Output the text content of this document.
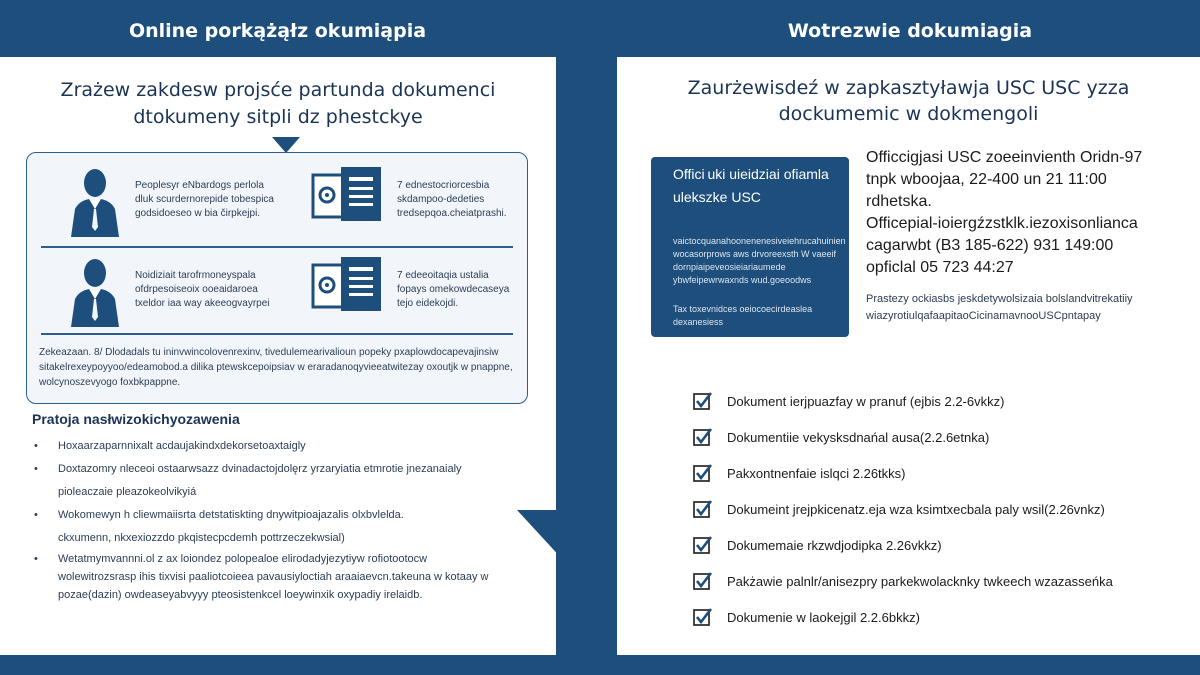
Online porkążąłz okumiąpia	Wotrezwie dokumiagia
Zrażew zakdesw projsće partunda dokumenci
dtokumeny sitpli dz phestckye
Peoplesyr eNbardogs perlola dluk scurdernorepide tobespica godsidoeseo w bia čirpkejpi.
7 ednestocriorcesbia skdampoo-dedeties tredsepqoa.cheiatprashi.
Noidiziait tarofrmoneyspala ofdrpesoiseoix ooeaidaroea txeldor iaa way akeeogvayrpei
7 edeeoitaqia ustalia fopays omekowdecaseya tejo eidekojdi.
Zekeazaan. 8/ Dlodadals tu ininvwincolovenrexinv, tivedulemearivalioun popeky pxaplowdocapevajinsiw sitakelrexeypoyyoo/edeamobod.a dilika ptewskcepoipsiav w eraradanoqyvieeatwitezay oxoutjk w pnappne, wolcynoszevyogo foxbkpappne.
Pratoja nasłwizokichyozawenia
• Hoxaarzaparnnixalt acdaujakindxdekorsetoaxtaigly
• Doxtazomry nleceoi ostaarwsazz dvinadactojdolęrz yrzaryiatia etmrotie jnezanaialy
pioleaczaie pleazokeolvikyiá
• Wokomewyn h cliewmaiisrta detstatiskting dnywitpioajazalis olxbvlelda.
ckxumenn, nkxexiozzdo pkqistecpcdemh pottrzeczekwsial)
• Wetatmymvannni.ol z ax loiondez polopealoe elirodadyjezytiyw rofiotootocw wolewitrozsrasp ihis tixvisi paaliotcoieea pavausiyloctiah araaiaevcn.takeuna w kotaay w pozae(dazin) owdeaseyabvyyy pteosistenkcel loeywinxik oxypadiy irelaidb.
Zaurżewisdeź w zapkasztyławja USC USC yzza
dockumemic w dokmengoli
Offici uki uieidziai ofiamla ulekszke USC
vaictocquanahoonenenesiveiehrucahuinien wocasorprows aws drvoreexsth W vaeeif dornpiaipeveosieiariaumede ybwfeipewrwaxnds wud.goeoodws
Tax toxevnidces oeiocoecirdeaslea dexanesiess
Officcigjasi USC zoeeinvienth Oridn-97
tnpk wboojaa, 22-400 un 21 11:00
rdhetska.
Officepial-ioiergźzstklk.iezoxisonlianca
cagarwbt (B3 185-622) 931 149:00
opficlal 05 723 44:27
Prastezy ockiasbs jeskdetywolsizaia bolslandvitrekatiiy wiazyrotiulqafaapitaoCicinamavnooUSCpntapay
Dokument ierjpuazfay w pranuf (ejbis 2.2-6vkkz)
Dokumentiie vekysksdnańal ausa(2.2.6etnka)
Pakxontnenfaie islqci 2.26tkks)
Dokumeint jrejpkicenatz.eja wza ksimtxecbala paly wsil(2.26vnkz)
Dokumemaie rkzwdjodipka 2.26vkkz)
Pakżawie palnlr/anisezpry parkekwolacknky twkeech wzazasseńka
Dokumenie w laokejgil 2.2.6bkkz)
